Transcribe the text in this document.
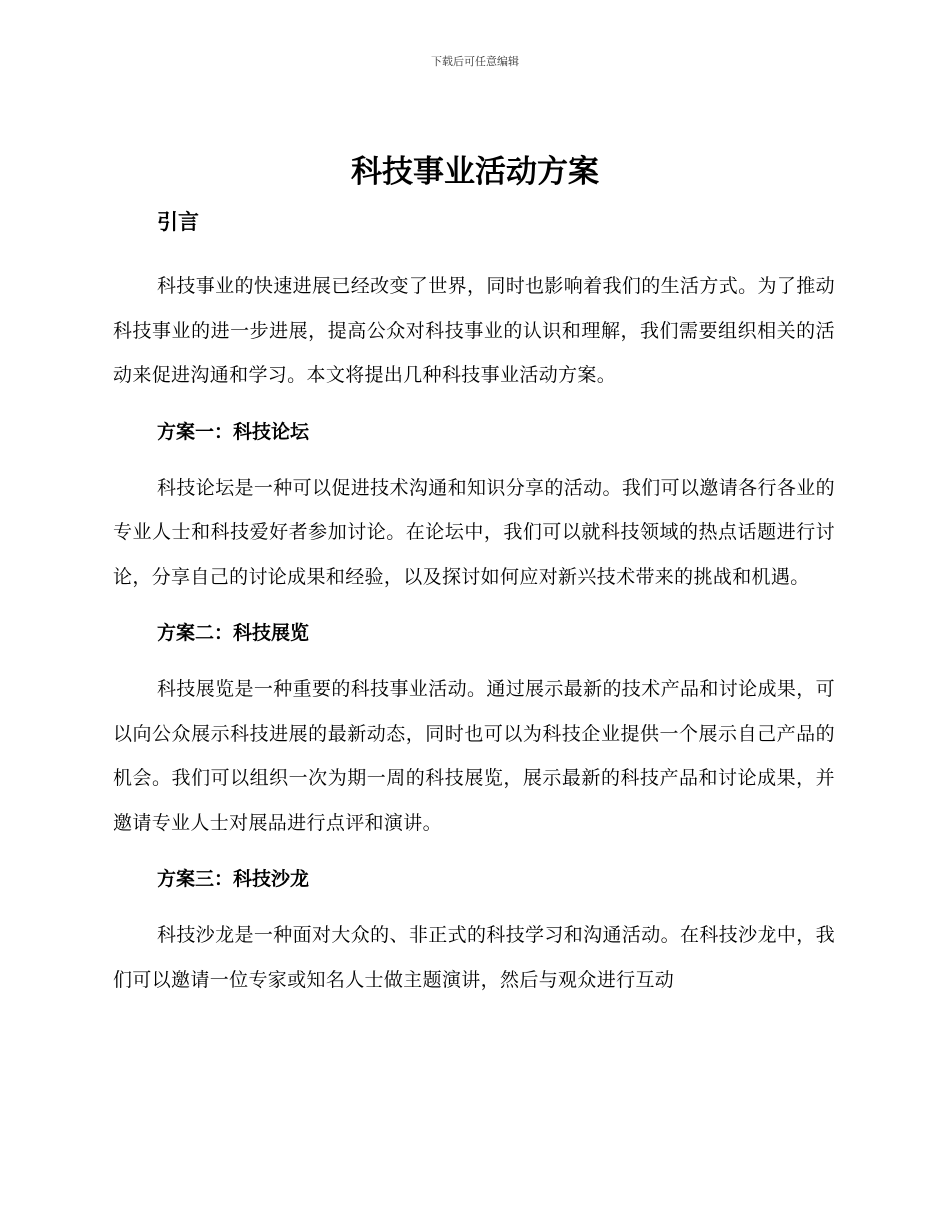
下载后可任意编辑
科技事业活动方案
引言

科技事业的快速进展已经改变了世界，同时也影响着我们的生活方式。为了推动科技事业的进一步进展，提高公众对科技事业的认识和理解，我们需要组织相关的活动来促进沟通和学习。本文将提出几种科技事业活动方案。

方案一：科技论坛

科技论坛是一种可以促进技术沟通和知识分享的活动。我们可以邀请各行各业的专业人士和科技爱好者参加讨论。在论坛中，我们可以就科技领域的热点话题进行讨论，分享自己的讨论成果和经验，以及探讨如何应对新兴技术带来的挑战和机遇。

方案二：科技展览

科技展览是一种重要的科技事业活动。通过展示最新的技术产品和讨论成果，可以向公众展示科技进展的最新动态，同时也可以为科技企业提供一个展示自己产品的机会。我们可以组织一次为期一周的科技展览，展示最新的科技产品和讨论成果，并邀请专业人士对展品进行点评和演讲。

方案三：科技沙龙

科技沙龙是一种面对大众的、非正式的科技学习和沟通活动。在科技沙龙中，我们可以邀请一位专家或知名人士做主题演讲，然后与观众进行互动
